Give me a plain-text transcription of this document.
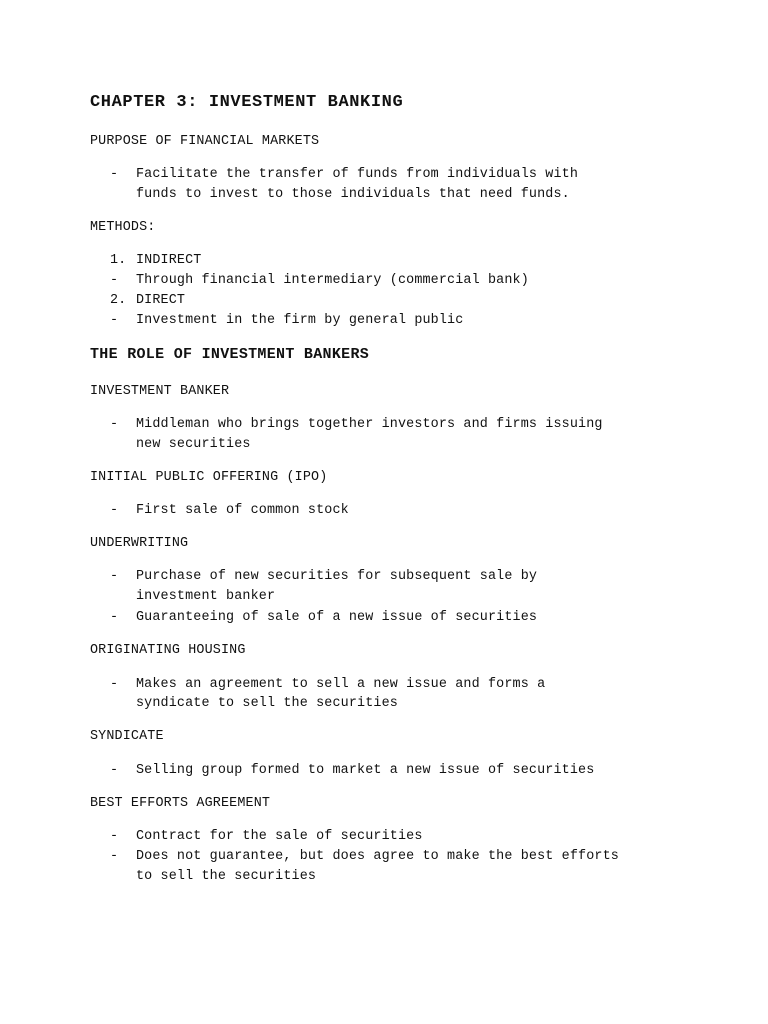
CHAPTER 3: INVESTMENT BANKING
PURPOSE OF FINANCIAL MARKETS
- Facilitate the transfer of funds from individuals with
funds to invest to those individuals that need funds.
METHODS:
1. INDIRECT
- Through financial intermediary (commercial bank)
2. DIRECT
- Investment in the firm by general public
THE ROLE OF INVESTMENT BANKERS
INVESTMENT BANKER
- Middleman who brings together investors and firms issuing
new securities
INITIAL PUBLIC OFFERING (IPO)
- First sale of common stock
UNDERWRITING
- Purchase of new securities for subsequent sale by
investment banker
- Guaranteeing of sale of a new issue of securities
ORIGINATING HOUSING
- Makes an agreement to sell a new issue and forms a
syndicate to sell the securities
SYNDICATE
- Selling group formed to market a new issue of securities
BEST EFFORTS AGREEMENT
- Contract for the sale of securities
- Does not guarantee, but does agree to make the best efforts
to sell the securities
